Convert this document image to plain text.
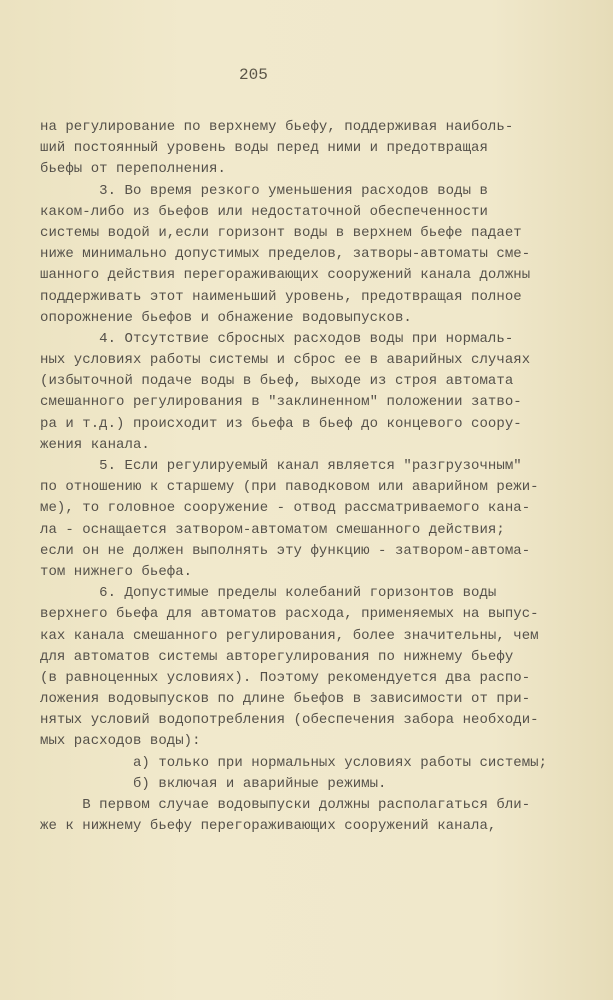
205
на регулирование по верхнему бьефу, поддерживая наиболь-
ший постоянный уровень воды перед ними и предотвращая
бьефы от переполнения.
3. Во время резкого уменьшения расходов воды в
каком-либо из бьефов или недостаточной обеспеченности
системы водой и,если горизонт воды в верхнем бьефе падает
ниже минимально допустимых пределов, затворы-автоматы сме-
шанного действия перегораживающих сооружений канала должны
поддерживать этот наименьший уровень, предотвращая полное
опорожнение бьефов и обнажение водовыпусков.
4. Отсутствие сбросных расходов воды при нормаль-
ных условиях работы системы и сброс ее в аварийных случаях
(избыточной подаче воды в бьеф, выходе из строя автомата
смешанного регулирования в "заклиненном" положении затво-
ра и т.д.) происходит из бьефа в бьеф до концевого соору-
жения канала.
5. Если регулируемый канал является "разгрузочным"
по отношению к старшему (при паводковом или аварийном режи-
ме), то головное сооружение - отвод рассматриваемого кана-
ла - оснащается затвором-автоматом смешанного действия;
если он не должен выполнять эту функцию - затвором-автома-
том нижнего бьефа.
6. Допустимые пределы колебаний горизонтов воды
верхнего бьефа для автоматов расхода, применяемых на выпус-
ках канала смешанного регулирования, более значительны, чем
для автоматов системы авторегулирования по нижнему бьефу
(в равноценных условиях). Поэтому рекомендуется два распо-
ложения водовыпусков по длине бьефов в зависимости от при-
нятых условий водопотребления (обеспечения забора необходи-
мых расходов воды):
а) только при нормальных условиях работы системы;
б) включая и аварийные режимы.
В первом случае водовыпуски должны располагаться бли-
же к нижнему бьефу перегораживающих сооружений канала,
